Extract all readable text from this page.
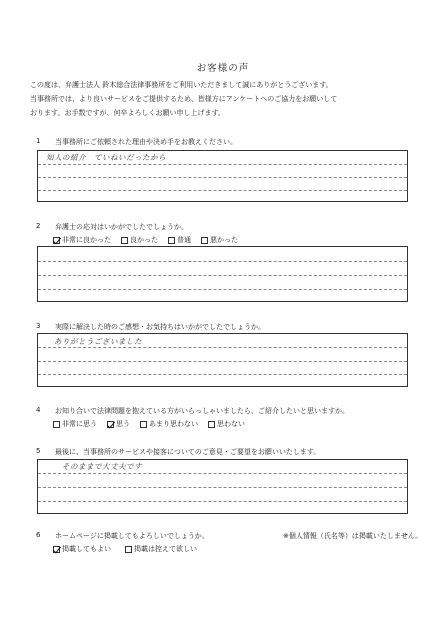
お客様の声
この度は、弁護士法人 鈴木総合法律事務所をご利用いただきまして誠にありがとうございます。
当事務所では、より良いサービスをご提供するため、皆様方にアンケートへのご協力をお願いして
おります。お手数ですが、何卒よろしくお願い申し上げます。
1 当事務所にご依頼された理由や決め手をお教えください。
知人の紹介　ていねいだったから
2 弁護士の応対はいかがでしたでしょうか。
非常に良かった	良かった	普通	悪かった
3 実際に解決した時のご感想・お気持ちはいかがでしたでしょうか。
ありがとうございました
4 お知り合いで法律問題を抱えている方がいらっしゃいましたら、ご紹介したいと思いますか。
非常に思う	思う	あまり思わない	思わない
5 最後に、当事務所のサービスや接客についてのご意見・ご要望をお願いいたします。
そのままで大丈夫です
6 ホームページに掲載してもよろしいでしょうか。	※個人情報（氏名等）は掲載いたしません。
掲載してもよい	掲載は控えて欲しい
